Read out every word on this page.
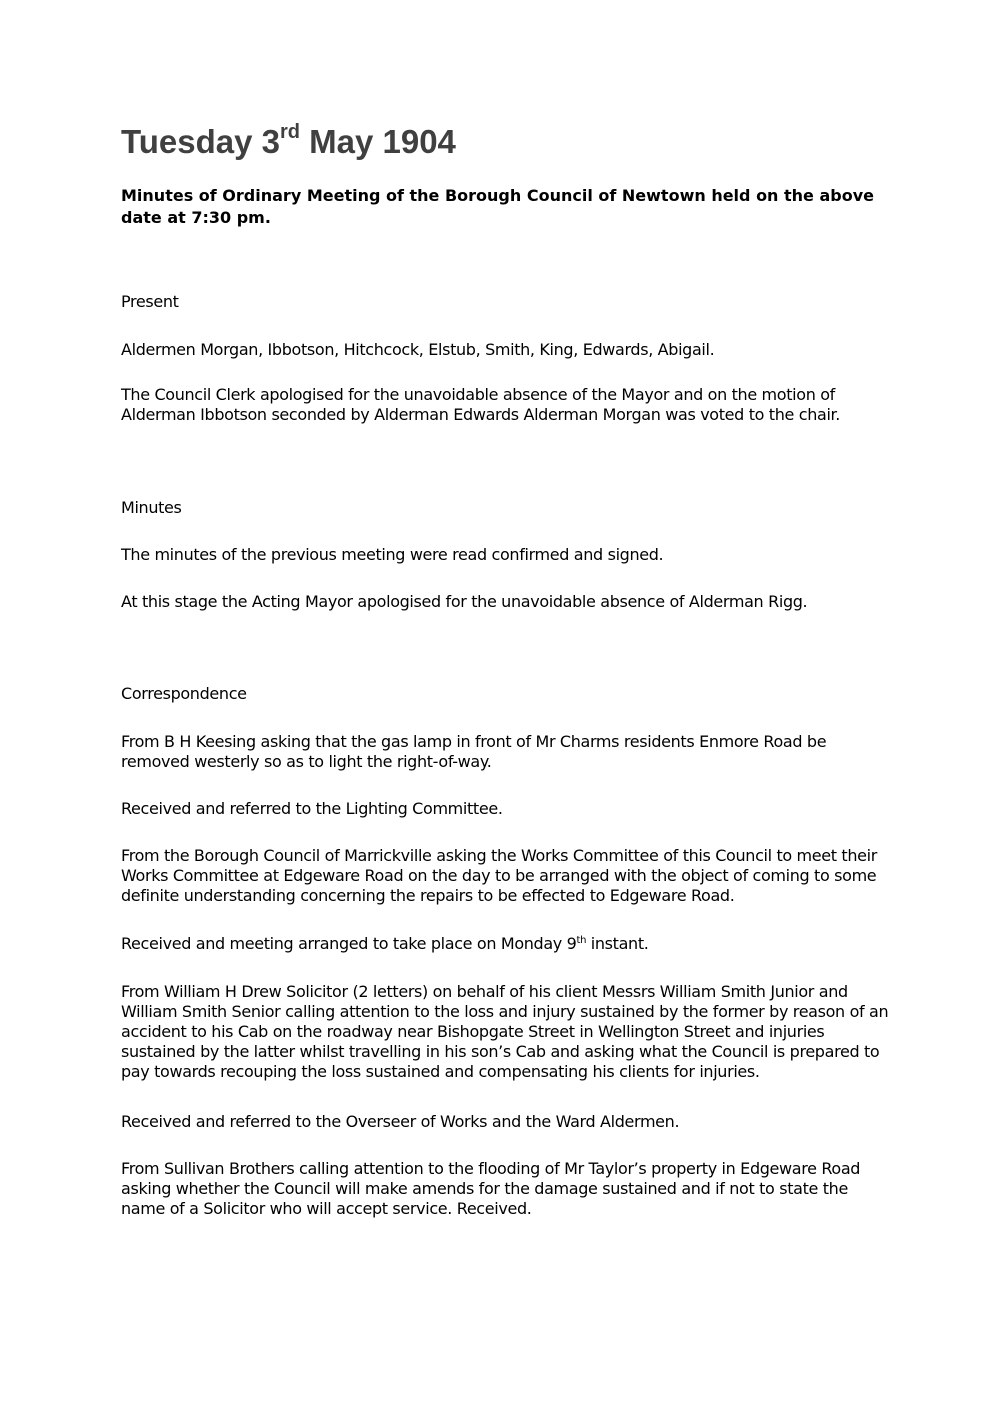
Tuesday 3rd May 1904

Minutes of Ordinary Meeting of the Borough Council of Newtown held on the above date at 7:30 pm.

Present

Aldermen Morgan, Ibbotson, Hitchcock, Elstub, Smith, King, Edwards, Abigail.

The Council Clerk apologised for the unavoidable absence of the Mayor and on the motion of Alderman Ibbotson seconded by Alderman Edwards Alderman Morgan was voted to the chair.

Minutes

The minutes of the previous meeting were read confirmed and signed.

At this stage the Acting Mayor apologised for the unavoidable absence of Alderman Rigg.

Correspondence

From B H Keesing asking that the gas lamp in front of Mr Charms residents Enmore Road be removed westerly so as to light the right-of-way.

Received and referred to the Lighting Committee.

From the Borough Council of Marrickville asking the Works Committee of this Council to meet their Works Committee at Edgeware Road on the day to be arranged with the object of coming to some definite understanding concerning the repairs to be effected to Edgeware Road.

Received and meeting arranged to take place on Monday 9th instant.

From William H Drew Solicitor (2 letters) on behalf of his client Messrs William Smith Junior and William Smith Senior calling attention to the loss and injury sustained by the former by reason of an accident to his Cab on the roadway near Bishopgate Street in Wellington Street and injuries sustained by the latter whilst travelling in his son’s Cab and asking what the Council is prepared to pay towards recouping the loss sustained and compensating his clients for injuries.

Received and referred to the Overseer of Works and the Ward Aldermen.

From Sullivan Brothers calling attention to the flooding of Mr Taylor’s property in Edgeware Road asking whether the Council will make amends for the damage sustained and if not to state the name of a Solicitor who will accept service. Received.
